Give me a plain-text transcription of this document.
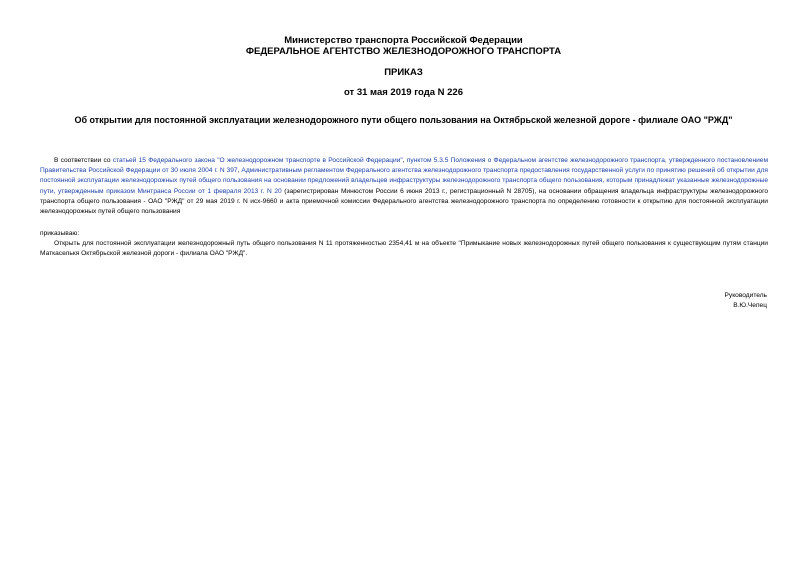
Министерство транспорта Российской Федерации
ФЕДЕРАЛЬНОЕ АГЕНТСТВО ЖЕЛЕЗНОДОРОЖНОГО ТРАНСПОРТА
ПРИКАЗ
от 31 мая 2019 года N 226
Об открытии для постоянной эксплуатации железнодорожного пути общего пользования на Октябрьской железной дороге - филиале ОАО "РЖД"
В соответствии со статьей 15 Федерального закона "О железнодорожном транспорте в Российской Федерации", пунктом 5.3.5 Положения о Федеральном агентстве железнодорожного транспорта, утвержденного постановлением Правительства Российской Федерации от 30 июля 2004 г. N 397, Административным регламентом Федерального агентства железнодорожного транспорта предоставления государственной услуги по принятию решений об открытии для постоянной эксплуатации железнодорожных путей общего пользования на основании предложений владельцев инфраструктуры железнодорожного транспорта общего пользования, которым принадлежат указанные железнодорожные пути, утвержденным приказом Минтранса России от 1 февраля 2013 г. N 20 (зарегистрирован Минюстом России 6 июня 2013 г., регистрационный N 28705), на основании обращения владельца инфраструктуры железнодорожного транспорта общего пользования - ОАО "РЖД" от 29 мая 2019 г. N исх-9660 и акта приемочной комиссии Федерального агентства железнодорожного транспорта по определению готовности к открытию для постоянной эксплуатации железнодорожных путей общего пользования
приказываю:
Открыть для постоянной эксплуатации железнодорожный путь общего пользования N 11 протяженностью 2354,41 м на объекте "Примыкание новых железнодорожных путей общего пользования к существующим путям станции Маткаселькя Октябрьской железной дороги - филиала ОАО "РЖД".
Руководитель
В.Ю.Чепец
